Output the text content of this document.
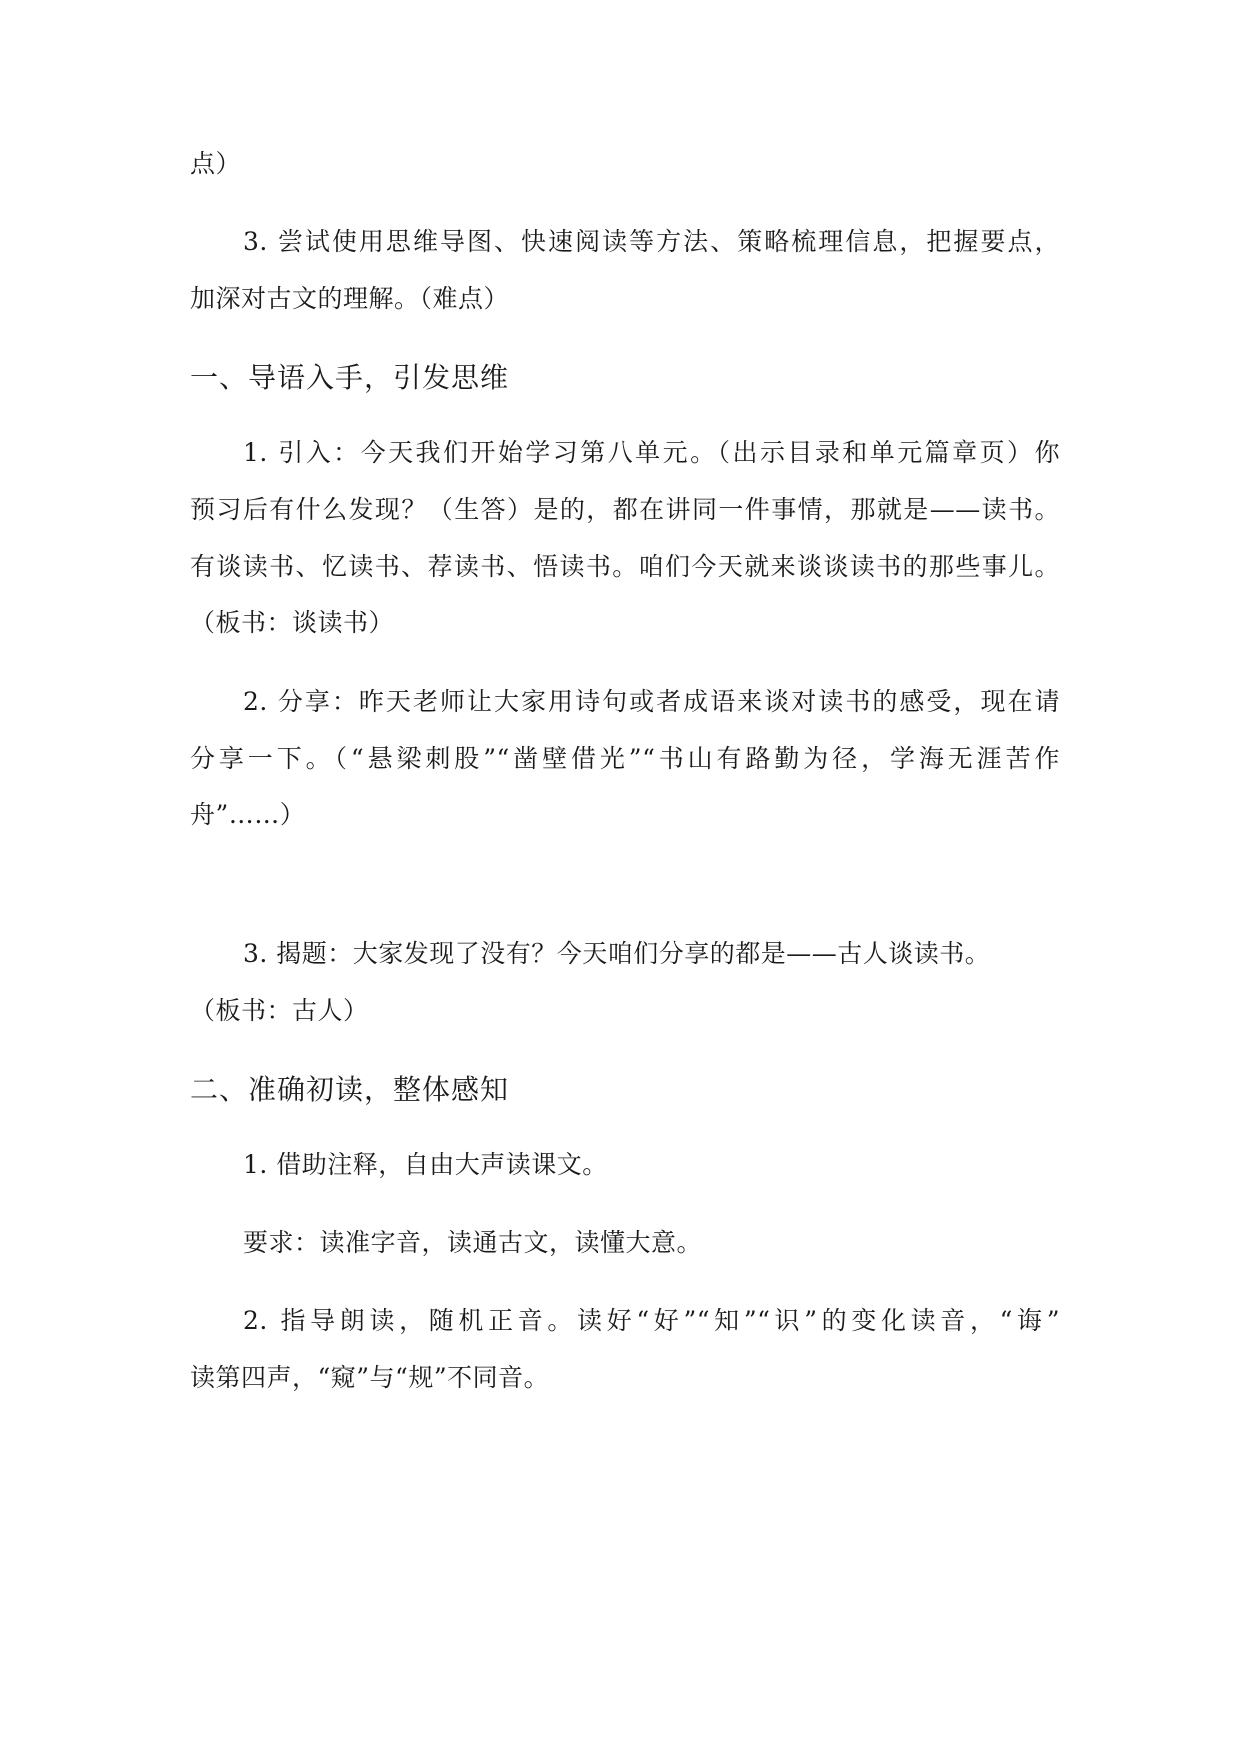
点）
3. 尝试使用思维导图、快速阅读等方法、策略梳理信息，把握要点，
加深对古文的理解。（难点）
一、导语入手，引发思维
1. 引入：今天我们开始学习第八单元。（出示目录和单元篇章页）你
预习后有什么发现？（生答）是的，都在讲同一件事情，那就是——读书。
有谈读书、忆读书、荐读书、悟读书。咱们今天就来谈谈读书的那些事儿。
（板书：谈读书）
2. 分享：昨天老师让大家用诗句或者成语来谈对读书的感受，现在请
分享一下。（“悬梁刺股”“凿壁借光”“书山有路勤为径，学海无涯苦作
舟”……）
3. 揭题：大家发现了没有？今天咱们分享的都是——古人谈读书。
（板书：古人）
二、准确初读，整体感知
1. 借助注释，自由大声读课文。
要求：读准字音，读通古文，读懂大意。
2. 指导朗读，随机正音。读好“好”“知”“识”的变化读音，“诲”
读第四声，“窥”与“规”不同音。
